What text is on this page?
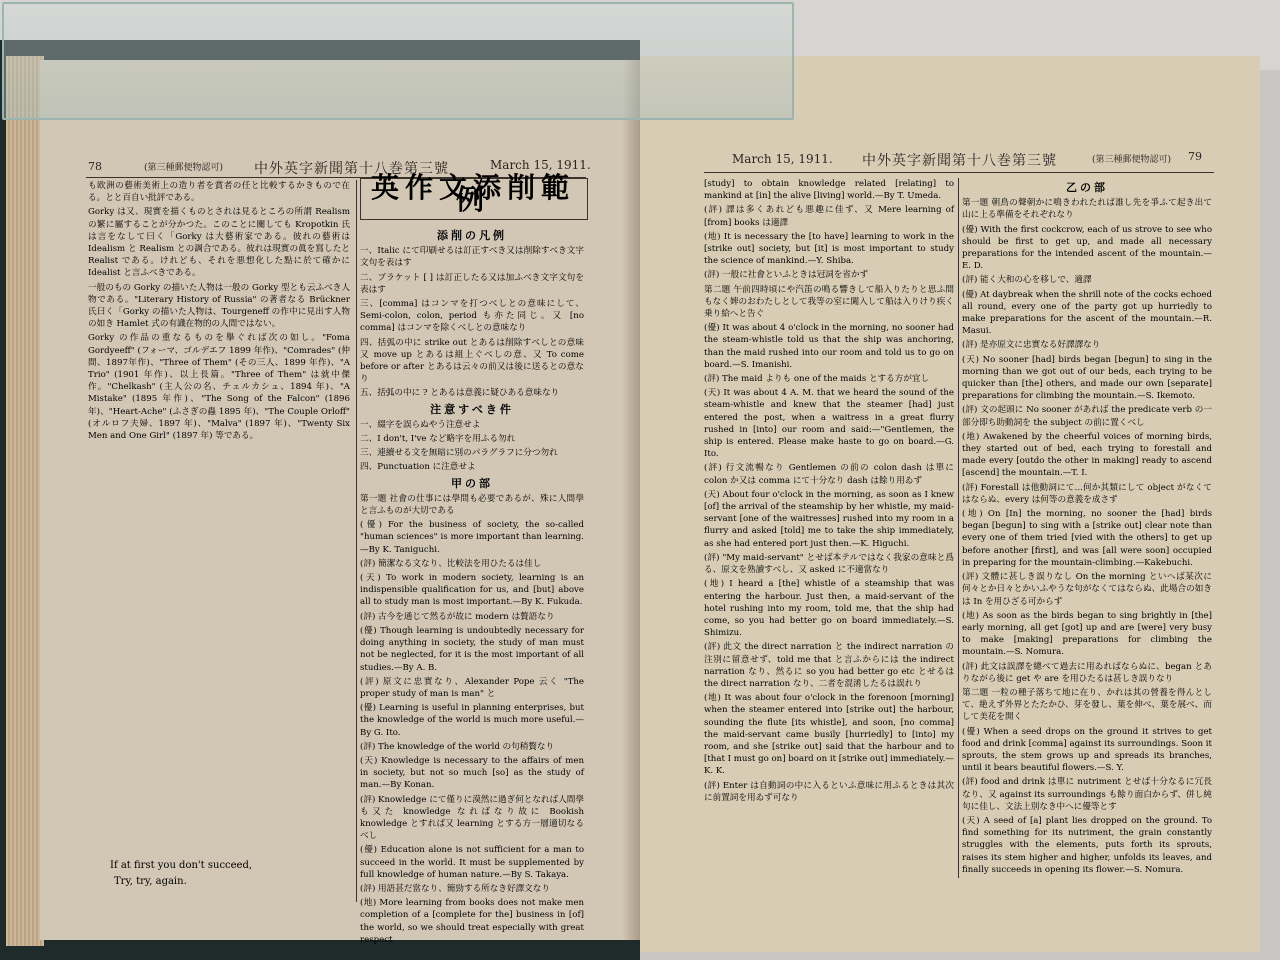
78	(第三種郵便物認可) 中外英字新聞第十八巻第三號	March 15, 1911.

も欧洲の藝術美術上の造り者を賞者の任と比較するかきもので在る。とと百自い批評である。

Gorky は又、現實を描くものとされは見るところの所謂 Realism の繁に屬することが分かつた。このことに關しても Kropotkin 氏は言をなして曰く「Gorky は大藝術家である。彼れの藝術は Idealism と Realism との調合である。彼れは現實の眞を寫したと Realist である。けれども、それを悪想化した點に於て確かに Idealist と言ふべきである。

一般のもの Gorky の描いた人物は一般の Gorky 型とも云ふべき人物である。"Literary History of Russia" の著者なる Brückner 氏曰く「Gorky の描いた人物は、Tourgeneff の作中に見出す人物の如き Hamlet 式の有識在物的の人間ではない。

Gorky の作品の重なるものを擧ぐれば次の如し。"Foma Gordyeeff" (フォーマ、ゴルデエフ 1899 年作)、"Comrades" (仲間、1897年作)、"Three of Them" (その三人、1899 年作)、"A Trio" (1901 年作)、以上長篇。"Three of Them" は就中傑作。"Chelkash" (主人公の名、チェルカシュ、1894 年)、"A Mistake" (1895 年作)、"The Song of the Falcon" (1896 年)、"Heart-Ache" (ふさぎの蟲 1895 年)、"The Couple Orloff" (オルロフ夫婦、1897 年)、"Malva" (1897 年)、"Twenty Six Men and One Girl" (1897 年) 等である。

If at first you don't succeed,
Try, try, again.
英作文添削範例
添削の凡例

一、Italic にて印刷せるは訂正すべき又は削除すべき文字文句を表はす

二、ブラケット [ ] は訂正したる又は加ふべき文字文句を表はす

三、[comma] はコンマを打つべしとの意味にして、Semi-colon, colon, period も亦た同じ。又 [no comma] はコンマを除くべしとの意味なり

四、括弧の中に strike out とあるは削除すべしとの意味又 move up とあるは組上ぐべしの意、又 To come before or after とあるは云々の前又は後に送るとの意なり

五、括弧の中に ? とあるは意義に疑ひある意味なり

注意すべき件

一、綴字を誤らぬやう注意せよ

二、I don't, I've など略字を用ふる勿れ

三、連續せる文を無暗に別のパラグラフに分つ勿れ

四、Punctuation に注意せよ

甲の部

第一題 社會の仕事には學問も必要であるが、殊に人間學と言ふものが大切である

(優) For the business of society, the so-called "human sciences" is more important than learning.—By K. Taniguchi.

(評) 簡潔なる文なり、比較法を用ひたるは佳し

(天) To work in modern society, learning is an indispensible qualification for us, and [but] above all to study man is most important.—By K. Fukuda.

(評) 古今を通じて然るが故に modern は贅語なり

(優) Though learning is undoubtedly necessary for doing anything in society, the study of man must not be neglected, for it is the most important of all studies.—By A. B.

(評) 原文に忠實なり、Alexander Pope 云く "The proper study of man is man" と

(優) Learning is useful in planning enterprises, but the knowledge of the world is much more useful.—By G. Ito.

(評) The knowledge of the world の句稍贅なり

(天) Knowledge is necessary to the affairs of men in society, but not so much [so] as the study of man.—By Konan.

(評) Knowledge にて僅りに漠然に過ぎ何となれば人間學も又た knowledge なればなり故に Bookish knowledge とすれば又 learning とする方一層適切なるべし

(優) Education alone is not sufficient for a man to succeed in the world. It must be supplemented by full knowledge of human nature.—By S. Takaya.

(評) 用語甚だ當なり、簡勁する所なき好譯文なり

(地) More learning from books does not make men completion of a [complete for the] business in [of] the world, so we should treat especially with great respect

March 15, 1911. 中外英字新聞第十八巻第三號	(第三種郵便物認可) 79

[study] to obtain knowledge related [relating] to mankind at [in] the alive [living] world.—By T. Umeda.

(評) 譯は多くあれども悪趣に佳ず、又 Mere learning of [from] books は適譯

(地) It is necessary the [to have] learning to work in the [strike out] society, but [it] is most important to study the science of mankind.—Y. Shiba.

(評) 一般に社會といふときは冠詞を省かず

第二題 午前四時頃にや汽笛の鳴る響きして船入りたりと思ふ間もなく婢のおわたしとして我等の室に闖入して船は入りけり疾く乗り給へと告ぐ

(優) It was about 4 o'clock in the morning, no sooner had the steam-whistle told us that the ship was anchoring, than the maid rushed into our room and told us to go on board.—S. Imanishi.

(評) The maid よりも one of the maids とする方が宜し

(天) It was about 4 A. M. that we heard the sound of the steam-whistle and knew that the steamer [had] just entered the post, when a waitress in a great flurry rushed in [into] our room and said:—"Gentlemen, the ship is entered. Please make haste to go on board.—G. Ito.

(評) 行文流暢なり Gentlemen の前の colon dash は單に colon か又は comma にて十分なり dash は餘り用ゐず

(天) About four o'clock in the morning, as soon as I knew [of] the arrival of the steamship by her whistle, my maid-servant [one of the waitresses] rushed into my room in a flurry and asked [told] me to take the ship immediately, as she had entered port just then.—K. Higuchi.

(評) "My maid-servant" とせば本テルではなく我家の意味と爲る、原文を熟讀すべし、又 asked に不適當なり

(地) I heard a [the] whistle of a steamship that was entering the harbour. Just then, a maid-servant of the hotel rushing into my room, told me, that the ship had come, so you had better go on board immediately.—S. Shimizu.

(評) 此文 the direct narration と the indirect narration の注別に留意せず、told me that と言ふからには the indirect narration なり、然るに so you had better go etc とせるは the direct narration なり、二者を混淆したるは誤れり

(地) It was about four o'clock in the forenoon [morning] when the steamer entered into [strike out] the harbour, sounding the flute [its whistle], and soon, [no comma] the maid-servant came busily [hurriedly] to [into] my room, and she [strike out] said that the harbour and to [that I must go on] board on it [strike out] immediately.—K. K.

(評) Enter は自動詞の中に入るといふ意味に用ふるときは其次に前置詞を用ゐず可なり

乙の部

第一題 朝鳥の聲朝かに鳴きわれたれば誰し先を爭ふて起き出て山に上る準備をそれぞれなり

(優) With the first cockcrow, each of us strove to see who should be first to get up, and made all necessary preparations for the intended ascent of the mountain.—E. D.

(評) 能く大和の心を移しで、適譯

(優) At daybreak when the shrill note of the cocks echoed all round, every one of the party got up hurriedly to make preparations for the ascent of the mountain.—R. Masui.

(評) 是亦原文に忠實なる好譯譯なり

(天) No sooner [had] birds began [begun] to sing in the morning than we got out of our beds, each trying to be quicker than [the] others, and made our own [separate] preparations for climbing the mountain.—S. Ikemoto.

(評) 文の起頭に No sooner があれば the predicate verb の一部分即ち助動詞を the subject の前に置くべし

(地) Awakened by the cheerful voices of morning birds, they started out of bed, each trying to forestall and made every [outdo the other in making] ready to ascend [ascend] the mountain.—T. I.

(評) Forestall は他動詞にて...何か其類にして object がなくてはならぬ、every は何等の意義を成さず

(地) On [In] the morning, no sooner the [had] birds began [begun] to sing with a [strike out] clear note than every one of them tried [vied with the others] to get up before another [first], and was [all were soon] occupied in preparing for the mountain-climbing.—Kakebuchi.

(評) 文體に甚しき誤りなし On the morning といへば某次に何々とか日々とかいふやうな句がなくてはならぬ、此場合の如きは In を用ひざる可からず

(地) As soon as the birds began to sing brightly in [the] early morning, all get [got] up and are [were] very busy to make [making] preparations for climbing the mountain.—S. Nomura.

(評) 此文は誤譯を總べて過去に用ゐればならぬに、began とありながら後に get や are を用ひたるは甚しき誤りなり

第二題 一粒の種子落ちて地に在り、かれは其の營養を得んとして、絶えず外界とたたかひ、芽を發し、葉を伸べ、葉を展べ、而して美花を開く

(優) When a seed drops on the ground it strives to get food and drink [comma] against its surroundings. Soon it sprouts, the stem grows up and spreads its branches, until it bears beautiful flowers.—S. Y.

(評) food and drink は單に nutriment とせば十分なるに冗長なり、又 against its surroundings も餘り面白からず、併し純句に佳し、文法上別なき中へに優等とす

(天) A seed of [a] plant lies dropped on the ground. To find something for its nutriment, the grain constantly struggles with the elements, puts forth its sprouts, raises its stem higher and higher, unfolds its leaves, and finally succeeds in opening its flower.—S. Nomura.
